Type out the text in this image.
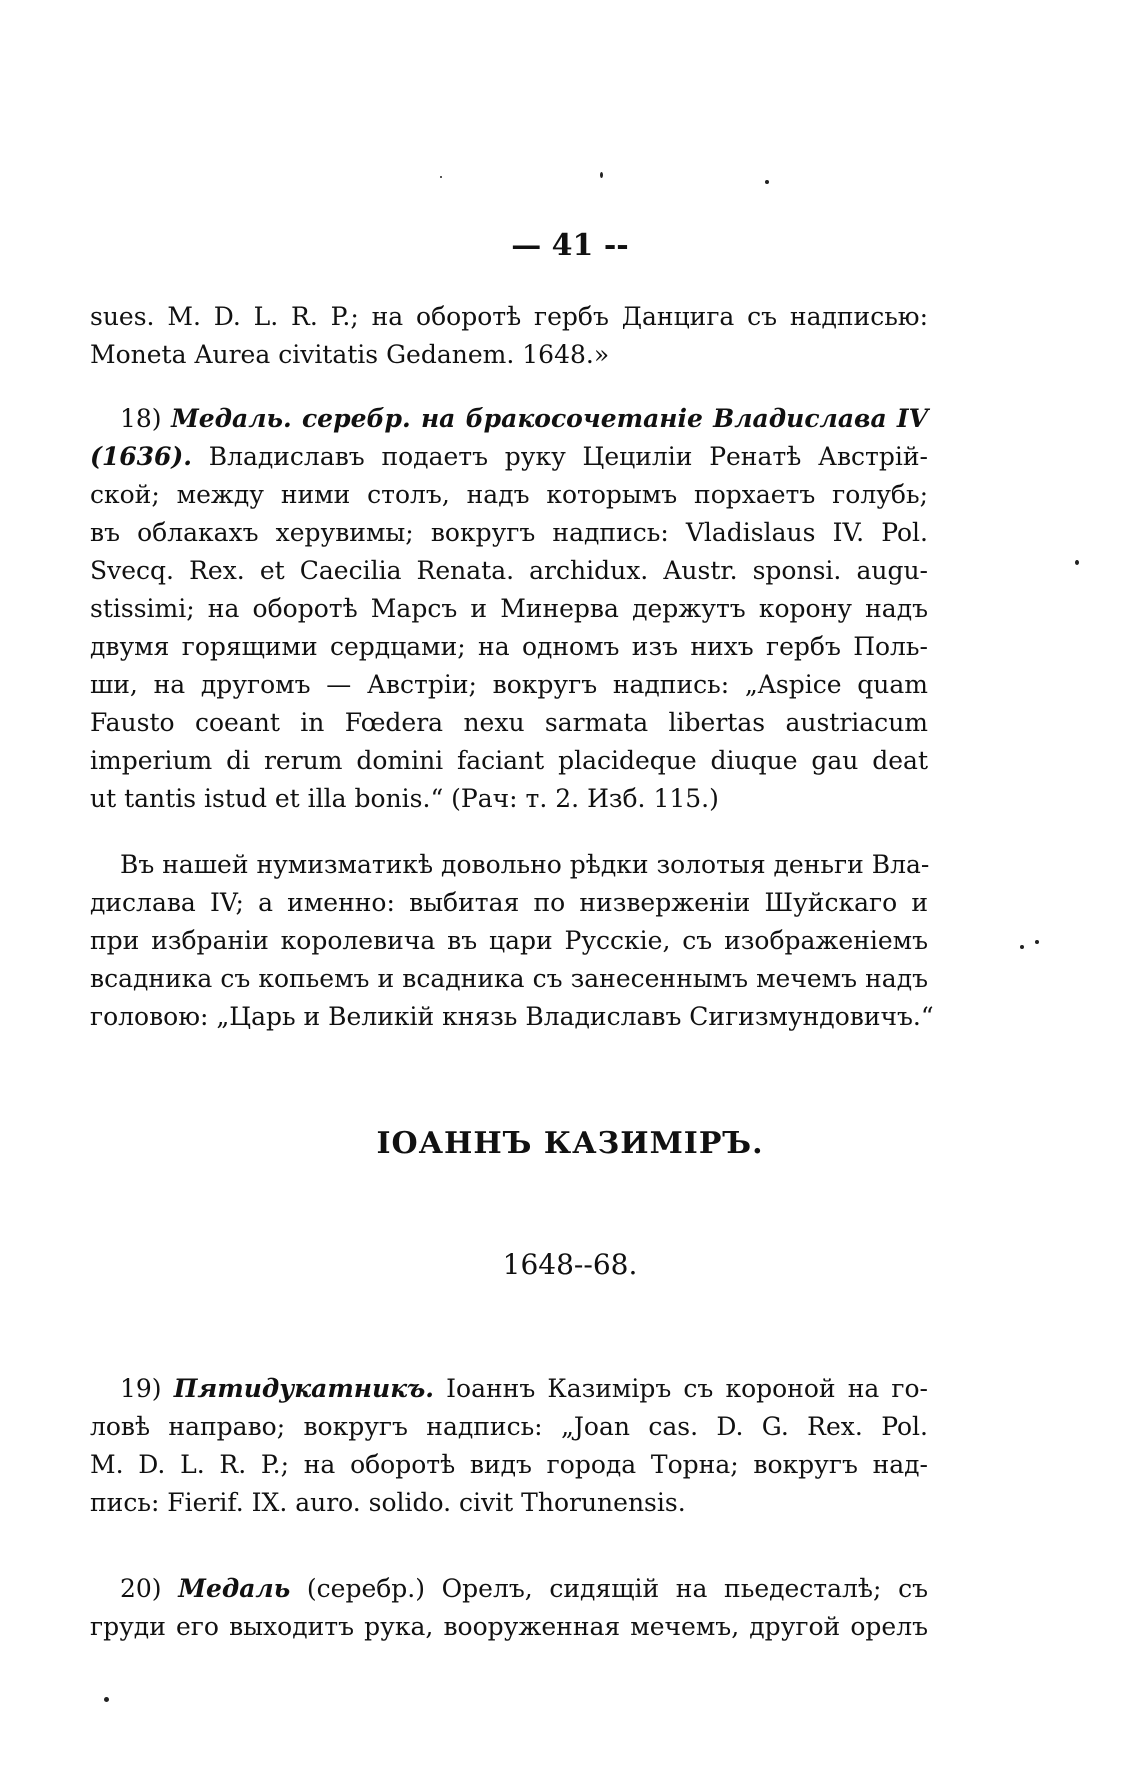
— 41 --
sues. M. D. L. R. P.; на оборотѣ гербъ Данцига съ надписью:
Moneta Aurea civitatis Gedanem. 1648.»
18) Медаль. серебр. на бракосочетаніе Владислава IV
(1636). Владиславъ подаетъ руку Цециліи Ренатѣ Австрій-
ской; между ними столъ, надъ которымъ порхаетъ голубь;
въ облакахъ херувимы; вокругъ надпись: Vladislaus IV. Pol.
Svecq. Rex. et Caecilia Renata. archidux. Austr. sponsi. augu-
stissimi; на оборотѣ Марсъ и Минерва держутъ корону надъ
двумя горящими сердцами; на одномъ изъ нихъ гербъ Поль-
ши, на другомъ — Австріи; вокругъ надпись: „Aspice quam
Fausto coeant in Fœdera nexu sarmata libertas austriacum
imperium di rerum domini faciant placideque diuque gau deat
ut tantis istud et illa bonis.“ (Рач: т. 2. Изб. 115.)
Въ нашей нумизматикѣ довольно рѣдки золотыя деньги Вла-
дислава IV; а именно: выбитая по низверженіи Шуйскаго и
при избраніи королевича въ цари Русскіе, съ изображеніемъ
всадника съ копьемъ и всадника съ занесеннымъ мечемъ надъ
головою: „Царь и Великій князь Владиславъ Сигизмундовичъ.“
ІОАННЪ КАЗИМІРЪ.
1648--68.
19) Пятидукатникъ. Іоаннъ Казиміръ съ короной на го-
ловѣ направо; вокругъ надпись: „Joan cas. D. G. Rex. Pol.
M. D. L. R. P.; на оборотѣ видъ города Торна; вокругъ над-
пись: Fierif. IX. auro. solido. civit Thorunensis.
20) Медаль (серебр.) Орелъ, сидящій на пьедесталѣ; съ
груди его выходитъ рука, вооруженная мечемъ, другой орелъ
